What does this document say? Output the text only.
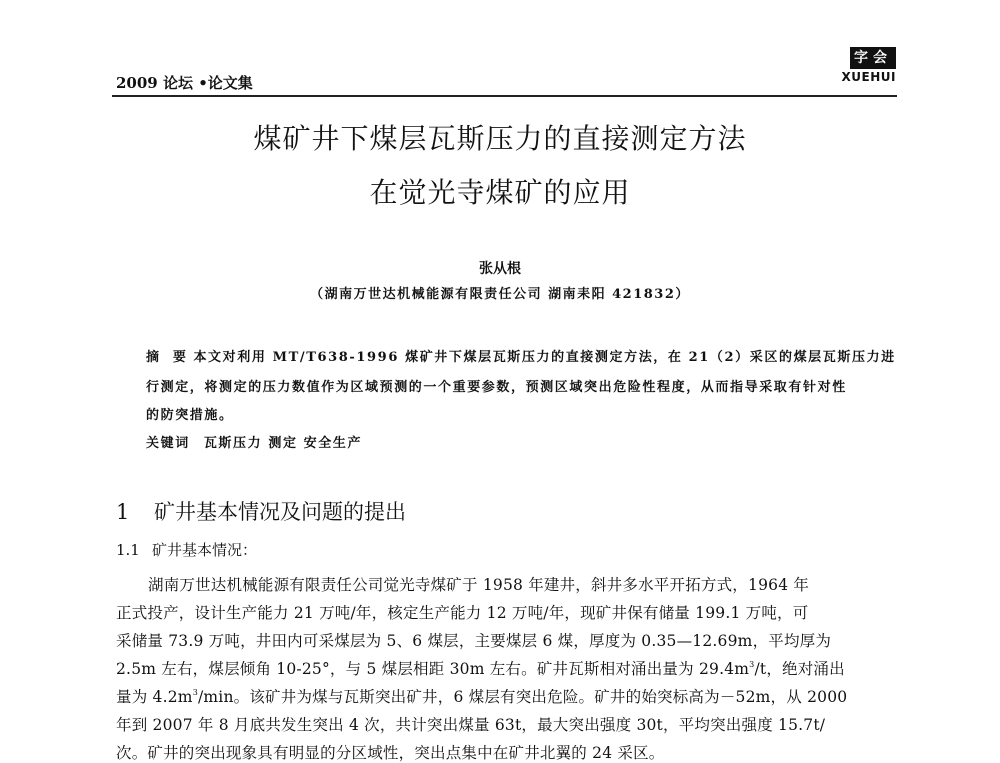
2009 论坛 •论文集
字会
XUEHUI
煤矿井下煤层瓦斯压力的直接测定方法
在觉光寺煤矿的应用
张从根
（湖南万世达机械能源有限责任公司 湖南耒阳 421832）
摘  要 本文对利用 MT/T638-1996 煤矿井下煤层瓦斯压力的直接测定方法，在 21（2）采区的煤层瓦斯压力进
行测定，将测定的压力数值作为区域预测的一个重要参数，预测区域突出危险性程度，从而指导采取有针对性
的防突措施。
关键词 瓦斯压力 测定 安全生产
1 矿井基本情况及问题的提出
1.1 矿井基本情况：
湖南万世达机械能源有限责任公司觉光寺煤矿于 1958 年建井，斜井多水平开拓方式，1964 年
正式投产，设计生产能力 21 万吨/年，核定生产能力 12 万吨/年，现矿井保有储量 199.1 万吨，可
采储量 73.9 万吨，井田内可采煤层为 5、6 煤层，主要煤层 6 煤，厚度为 0.35—12.69m，平均厚为
2.5m 左右，煤层倾角 10-25°，与 5 煤层相距 30m 左右。矿井瓦斯相对涌出量为 $29.4m^3/t$，绝对涌出
量为 $4.2m^3/\min$。该矿井为煤与瓦斯突出矿井，6 煤层有突出危险。矿井的始突标高为－52m，从 2000
年到 2007 年 8 月底共发生突出 4 次，共计突出煤量 63t，最大突出强度 30t，平均突出强度 15.7t/
次。矿井的突出现象具有明显的分区域性，突出点集中在矿井北翼的 24 采区。
